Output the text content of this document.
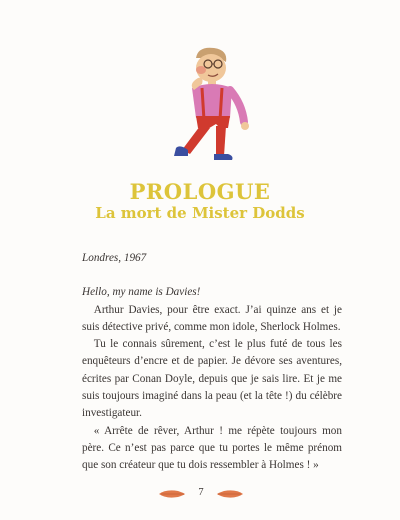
PROLOGUE
La mort de Mister Dodds

Londres, 1967

Hello, my name is Davies!

Arthur Davies, pour être exact. J’ai quinze ans et je suis détective privé, comme mon idole, Sherlock Holmes.

Tu le connais sûrement, c’est le plus futé de tous les enquêteurs d’encre et de papier. Je dévore ses aventures, écrites par Conan Doyle, depuis que je sais lire. Et je me suis toujours imaginé dans la peau (et la tête !) du célèbre investigateur.

« Arrête de rêver, Arthur ! me répète toujours mon père. Ce n’est pas parce que tu portes le même prénom que son créateur que tu dois ressembler à Holmes ! »

7
